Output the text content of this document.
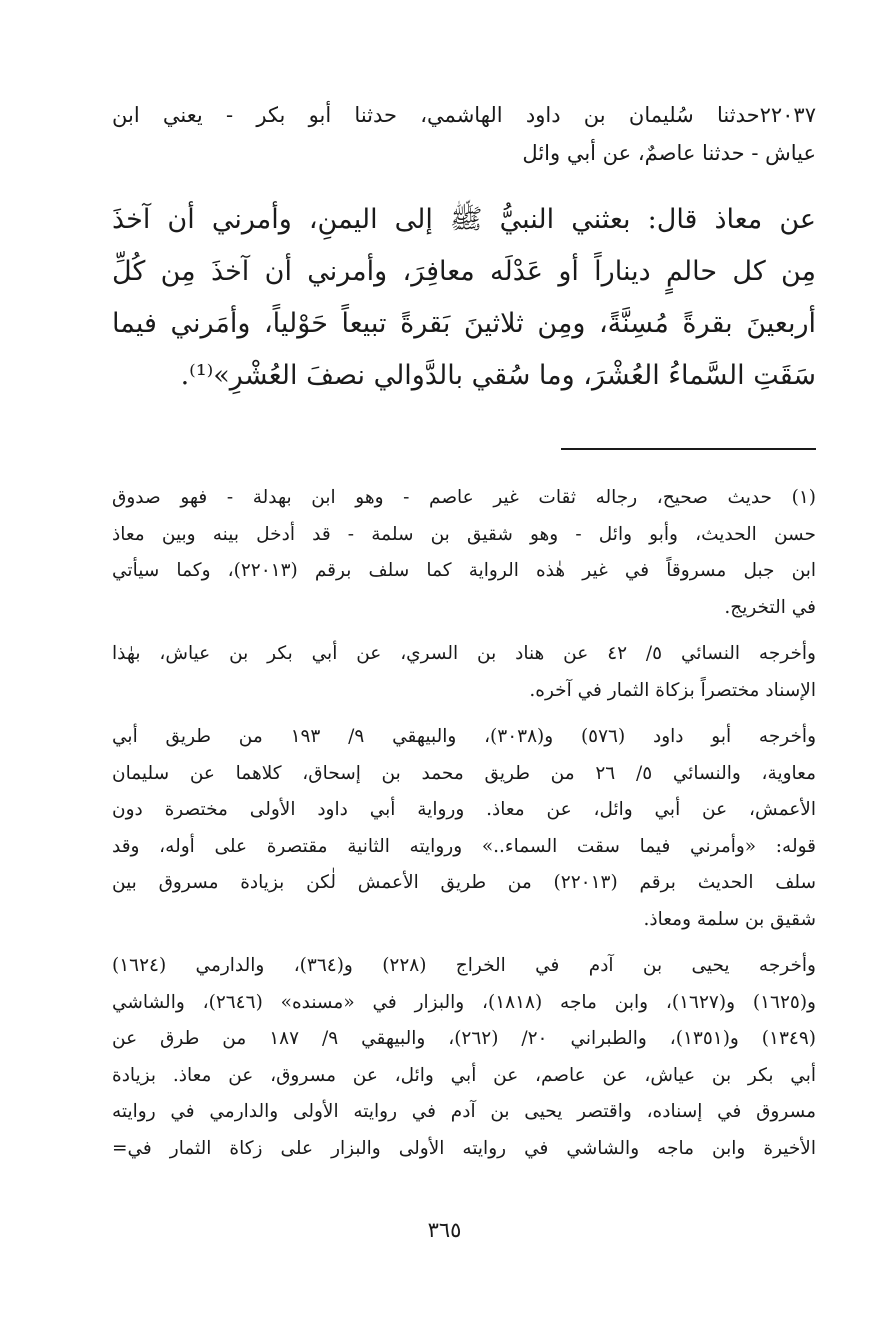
٢٢٠٣٧حدثنا سُليمان بن داود الهاشمي، حدثنا أبو بكر - يعني ابن
عياش - حدثنا عاصمٌ، عن أبي وائل
عن معاذ قال: بعثني النبيُّ ﷺ إلى اليمنِ، وأمرني أن آخذَ
مِن كل حالمٍ ديناراً أو عَدْلَه معافِرَ، وأمرني أن آخذَ مِن كُلِّ
أربعينَ بقرةً مُسِنَّةً، ومِن ثلاثينَ بَقرةً تبيعاً حَوْلياً، وأمَرني فيما
سَقَتِ السَّماءُ العُشْرَ، وما سُقي بالدَّوالي نصفَ العُشْرِ»⁽¹⁾.
(١) حديث صحيح، رجاله ثقات غير عاصم - وهو ابن بهدلة - فهو صدوق
حسن الحديث، وأبو وائل - وهو شقيق بن سلمة - قد أدخل بينه وبين معاذ
ابن جبل مسروقاً في غير هٰذه الرواية كما سلف برقم (٢٢٠١٣)، وكما سيأتي
في التخريج.
وأخرجه النسائي ٥/ ٤٢ عن هناد بن السري، عن أبي بكر بن عياش، بهٰذا
الإسناد مختصراً بزكاة الثمار في آخره.
وأخرجه أبو داود (٥٧٦) و(٣٠٣٨)، والبيهقي ٩/ ١٩٣ من طريق أبي
معاوية، والنسائي ٥/ ٢٦ من طريق محمد بن إسحاق، كلاهما عن سليمان
الأعمش، عن أبي وائل، عن معاذ. ورواية أبي داود الأولى مختصرة دون
قوله: «وأمرني فيما سقت السماء..» وروايته الثانية مقتصرة على أوله، وقد
سلف الحديث برقم (٢٢٠١٣) من طريق الأعمش لٰكن بزيادة مسروق بين
شقيق بن سلمة ومعاذ.
وأخرجه يحيى بن آدم في الخراج (٢٢٨) و(٣٦٤)، والدارمي (١٦٢٤)
و(١٦٢٥) و(١٦٢٧)، وابن ماجه (١٨١٨)، والبزار في «مسنده» (٢٦٤٦)، والشاشي
(١٣٤٩) و(١٣٥١)، والطبراني ٢٠/ (٢٦٢)، والبيهقي ٩/ ١٨٧ من طرق عن
أبي بكر بن عياش، عن عاصم، عن أبي وائل، عن مسروق، عن معاذ. بزيادة
مسروق في إسناده، واقتصر يحيى بن آدم في روايته الأولى والدارمي في روايته
الأخيرة وابن ماجه والشاشي في روايته الأولى والبزار على زكاة الثمار في=
٣٦٥
